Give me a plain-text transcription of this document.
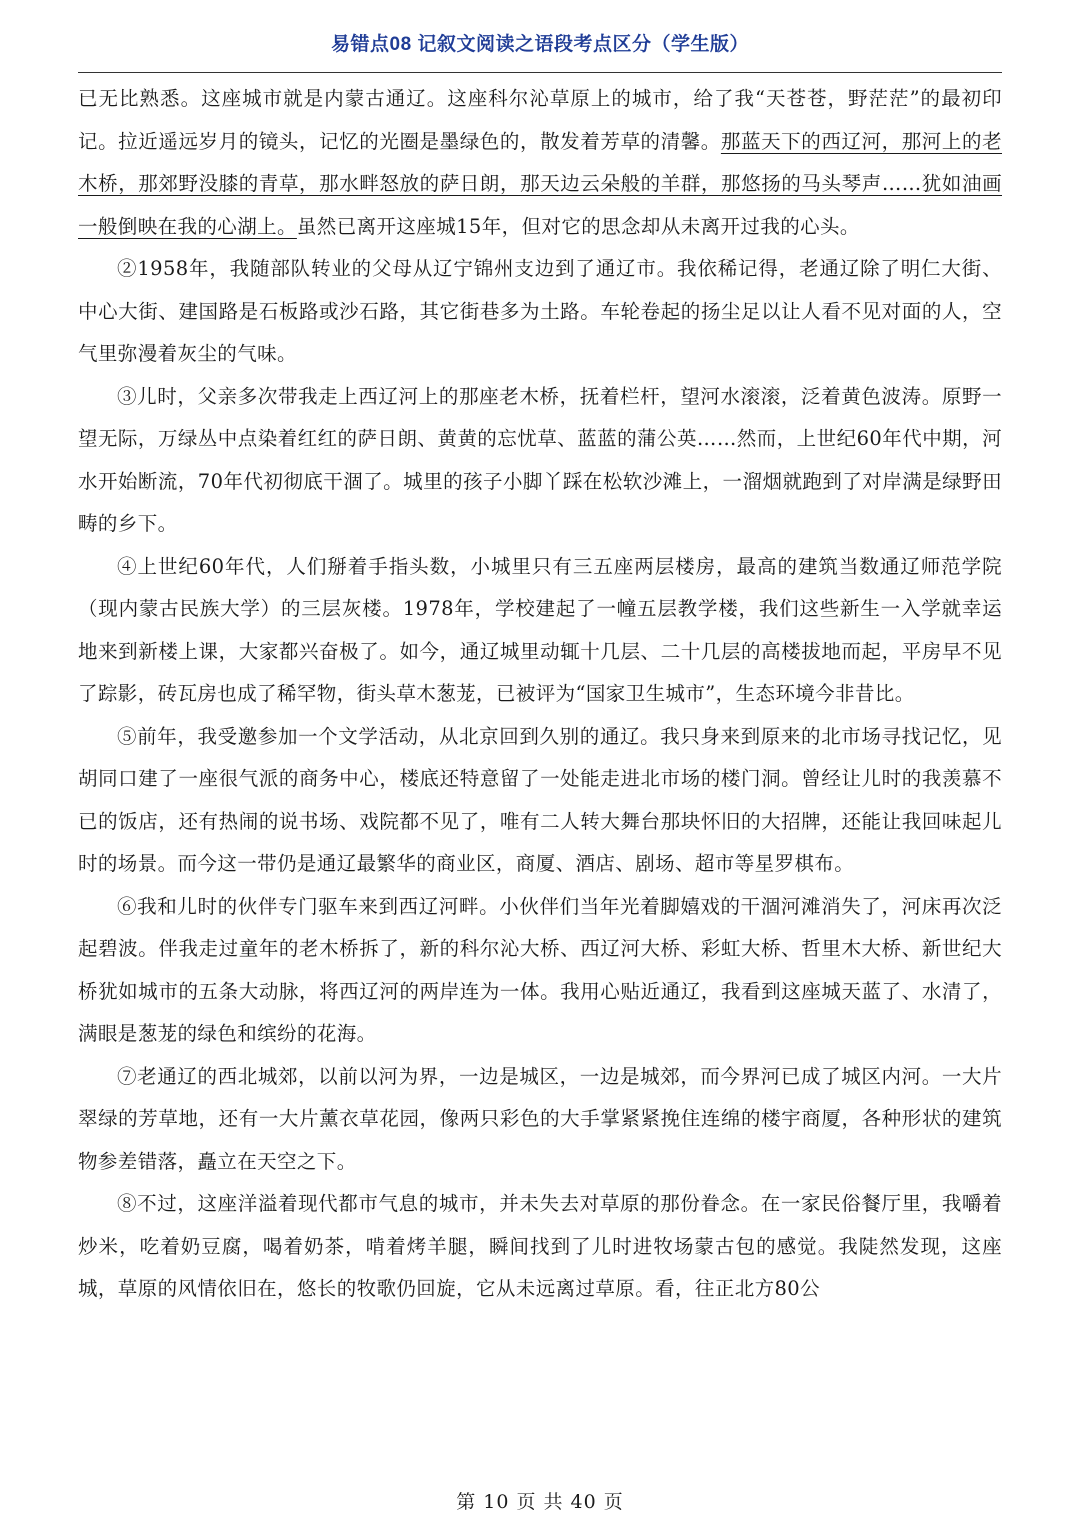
易错点08 记叙文阅读之语段考点区分（学生版）

已无比熟悉。这座城市就是内蒙古通辽。这座科尔沁草原上的城市，给了我“天苍苍，野茫茫”的最初印记。拉近遥远岁月的镜头，记忆的光圈是墨绿色的，散发着芳草的清馨。那蓝天下的西辽河，那河上的老木桥，那郊野没膝的青草，那水畔怒放的萨日朗，那天边云朵般的羊群，那悠扬的马头琴声……犹如油画一般倒映在我的心湖上。虽然已离开这座城15年，但对它的思念却从未离开过我的心头。

②1958年，我随部队转业的父母从辽宁锦州支边到了通辽市。我依稀记得，老通辽除了明仁大街、中心大街、建国路是石板路或沙石路，其它街巷多为土路。车轮卷起的扬尘足以让人看不见对面的人，空气里弥漫着灰尘的气味。

③儿时，父亲多次带我走上西辽河上的那座老木桥，抚着栏杆，望河水滚滚，泛着黄色波涛。原野一望无际，万绿丛中点染着红红的萨日朗、黄黄的忘忧草、蓝蓝的蒲公英……然而，上世纪60年代中期，河水开始断流，70年代初彻底干涸了。城里的孩子小脚丫踩在松软沙滩上，一溜烟就跑到了对岸满是绿野田畴的乡下。

④上世纪60年代，人们掰着手指头数，小城里只有三五座两层楼房，最高的建筑当数通辽师范学院（现内蒙古民族大学）的三层灰楼。1978年，学校建起了一幢五层教学楼，我们这些新生一入学就幸运地来到新楼上课，大家都兴奋极了。如今，通辽城里动辄十几层、二十几层的高楼拔地而起，平房早不见了踪影，砖瓦房也成了稀罕物，街头草木葱茏，已被评为“国家卫生城市”，生态环境今非昔比。

⑤前年，我受邀参加一个文学活动，从北京回到久别的通辽。我只身来到原来的北市场寻找记忆，见胡同口建了一座很气派的商务中心，楼底还特意留了一处能走进北市场的楼门洞。曾经让儿时的我羡慕不已的饭店，还有热闹的说书场、戏院都不见了，唯有二人转大舞台那块怀旧的大招牌，还能让我回味起儿时的场景。而今这一带仍是通辽最繁华的商业区，商厦、酒店、剧场、超市等星罗棋布。

⑥我和儿时的伙伴专门驱车来到西辽河畔。小伙伴们当年光着脚嬉戏的干涸河滩消失了，河床再次泛起碧波。伴我走过童年的老木桥拆了，新的科尔沁大桥、西辽河大桥、彩虹大桥、哲里木大桥、新世纪大桥犹如城市的五条大动脉，将西辽河的两岸连为一体。我用心贴近通辽，我看到这座城天蓝了、水清了，满眼是葱茏的绿色和缤纷的花海。

⑦老通辽的西北城郊，以前以河为界，一边是城区，一边是城郊，而今界河已成了城区内河。一大片翠绿的芳草地，还有一大片薰衣草花园，像两只彩色的大手掌紧紧挽住连绵的楼宇商厦，各种形状的建筑物参差错落，矗立在天空之下。

⑧不过，这座洋溢着现代都市气息的城市，并未失去对草原的那份眷念。在一家民俗餐厅里，我嚼着炒米，吃着奶豆腐，喝着奶茶，啃着烤羊腿，瞬间找到了儿时进牧场蒙古包的感觉。我陡然发现，这座城，草原的风情依旧在，悠长的牧歌仍回旋，它从未远离过草原。看，往正北方80公

第 10 页 共 40 页
